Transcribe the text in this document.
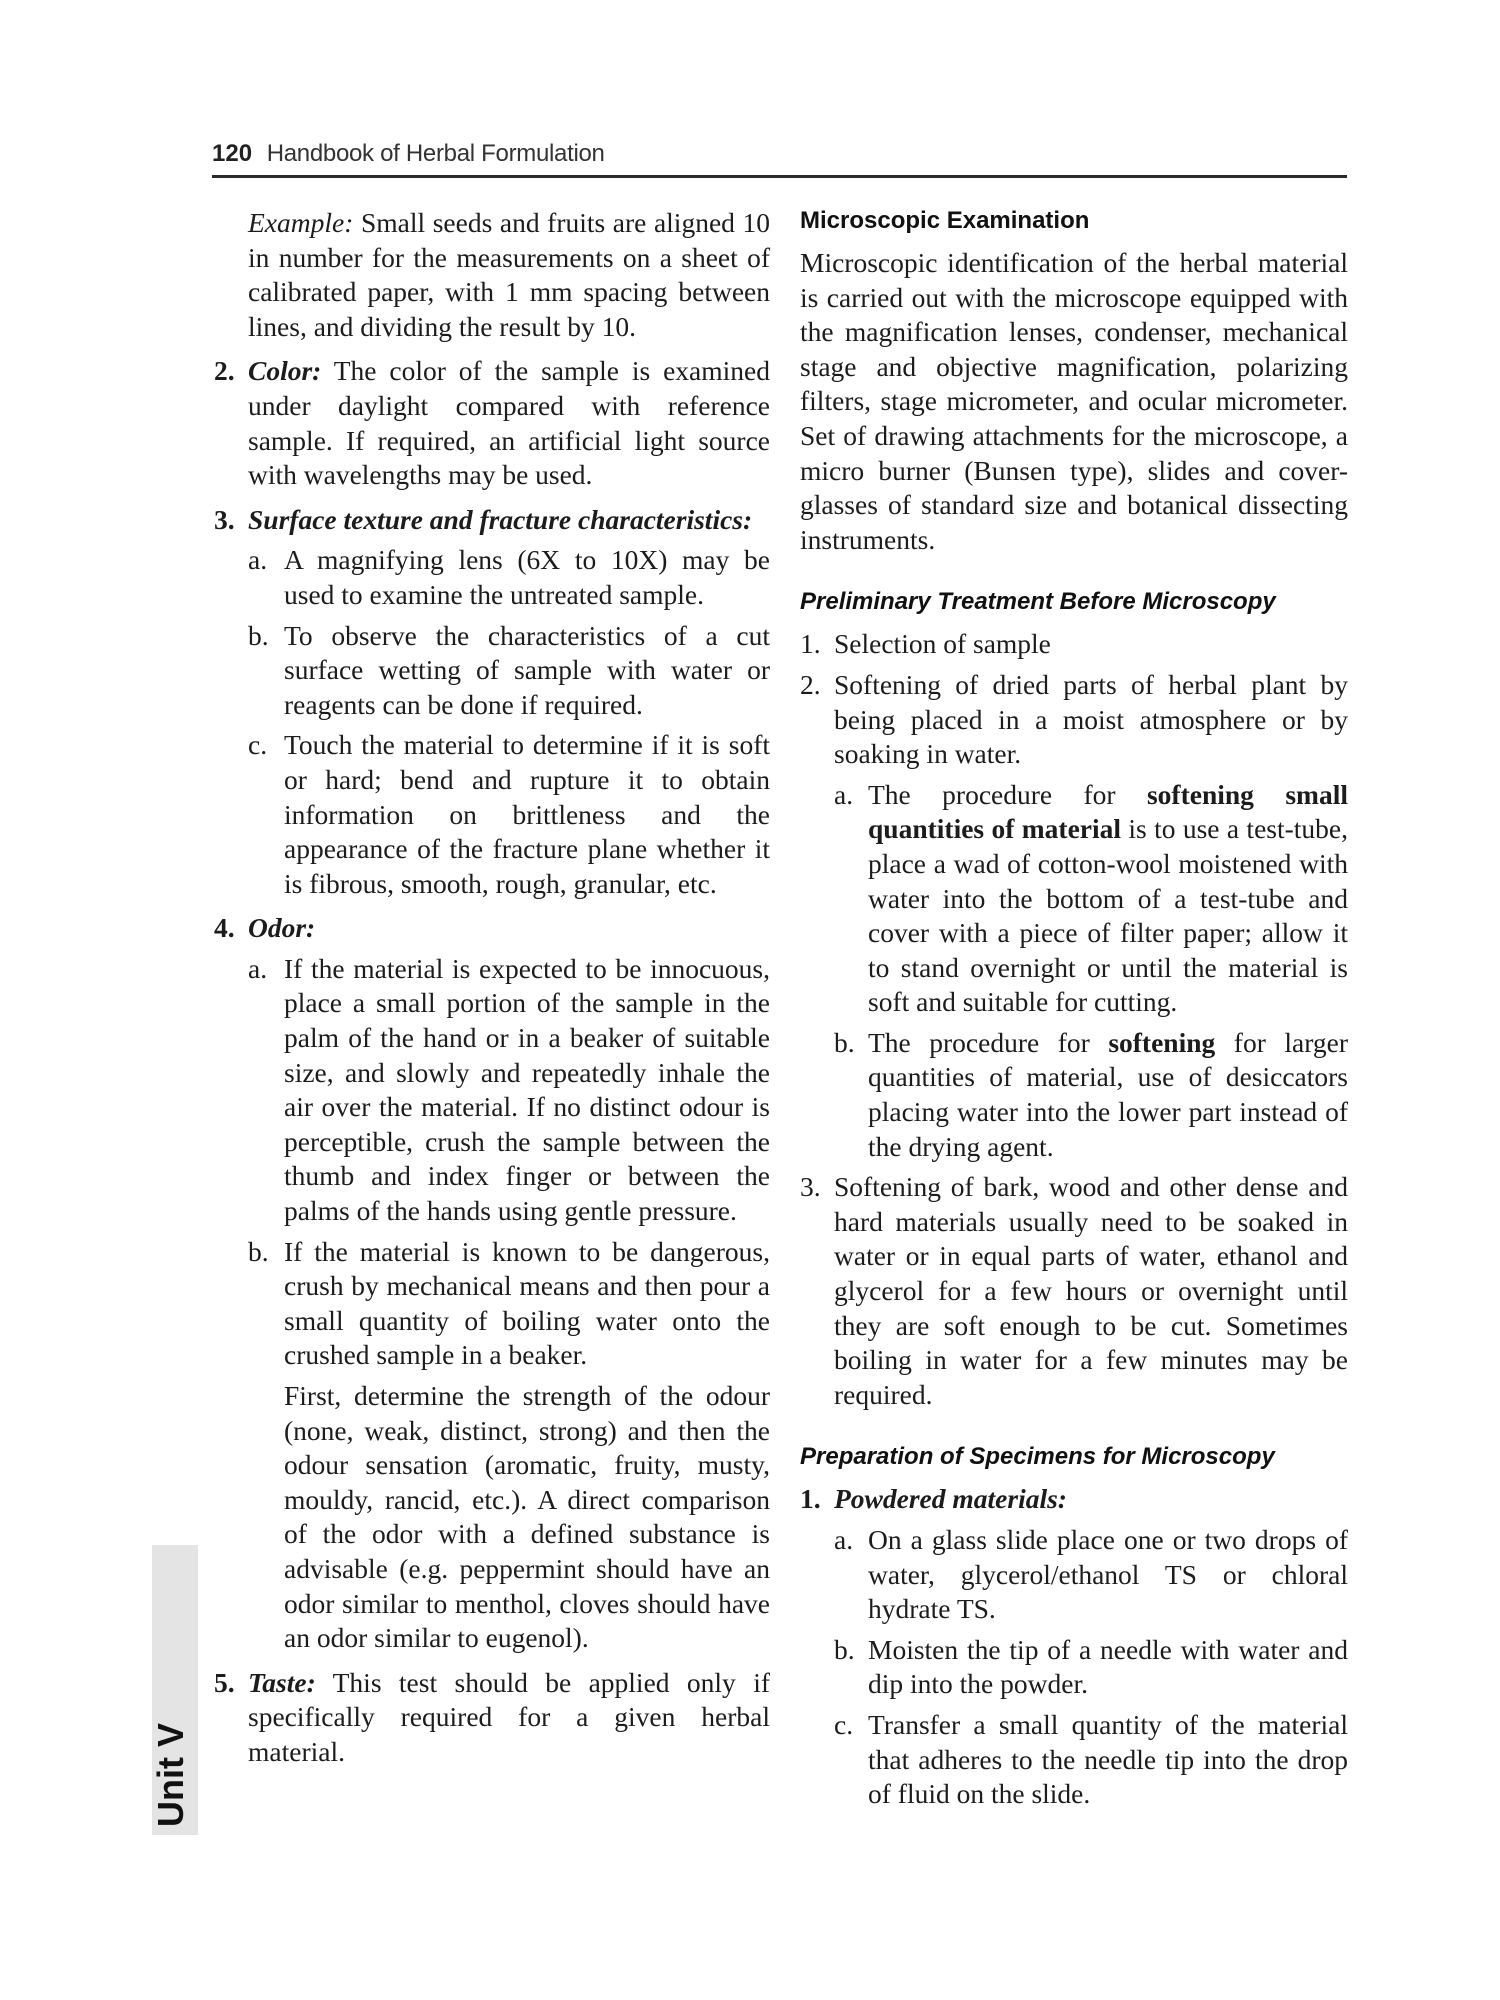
120 Handbook of Herbal Formulation
Unit V

Example: Small seeds and fruits are aligned 10 in number for the measurements on a sheet of calibrated paper, with 1 mm spacing between lines, and dividing the result by 10.

2. Color: The color of the sample is examined under daylight compared with reference sample. If required, an artificial light source with wavelengths may be used.
3. Surface texture and fracture characteristics:
a. A magnifying lens (6X to 10X) may be used to examine the untreated sample.
b. To observe the characteristics of a cut surface wetting of sample with water or reagents can be done if required.
c. Touch the material to determine if it is soft or hard; bend and rupture it to obtain information on brittleness and the appearance of the fracture plane whether it is fibrous, smooth, rough, granular, etc.
4. Odor:
a. If the material is expected to be innocuous, place a small portion of the sample in the palm of the hand or in a beaker of suitable size, and slowly and repeatedly inhale the air over the material. If no distinct odour is perceptible, crush the sample between the thumb and index finger or between the palms of the hands using gentle pressure.
b. If the material is known to be dangerous, crush by mechanical means and then pour a small quantity of boiling water onto the crushed sample in a beaker.

First, determine the strength of the odour (none, weak, distinct, strong) and then the odour sensation (aromatic, fruity, musty, mouldy, rancid, etc.). A direct comparison of the odor with a defined substance is advisable (e.g. peppermint should have an odor similar to menthol, cloves should have an odor similar to eugenol).

5. Taste: This test should be applied only if specifically required for a given herbal material.
Microscopic Examination

Microscopic identification of the herbal material is carried out with the microscope equipped with the magnification lenses, condenser, mechanical stage and objective magnification, polarizing filters, stage micrometer, and ocular micrometer. Set of drawing attachments for the microscope, a micro burner (Bunsen type), slides and cover-glasses of standard size and botanical dissecting instruments.

Preliminary Treatment Before Microscopy
1. Selection of sample
2. Softening of dried parts of herbal plant by being placed in a moist atmosphere or by soaking in water.
a. The procedure for softening small quantities of material is to use a test-tube, place a wad of cotton-wool moistened with water into the bottom of a test-tube and cover with a piece of filter paper; allow it to stand overnight or until the material is soft and suitable for cutting.
b. The procedure for softening for larger quantities of material, use of desiccators placing water into the lower part instead of the drying agent.
3. Softening of bark, wood and other dense and hard materials usually need to be soaked in water or in equal parts of water, ethanol and glycerol for a few hours or overnight until they are soft enough to be cut. Sometimes boiling in water for a few minutes may be required.
Preparation of Specimens for Microscopy
1. Powdered materials:
a. On a glass slide place one or two drops of water, glycerol/ethanol TS or chloral hydrate TS.
b. Moisten the tip of a needle with water and dip into the powder.
c. Transfer a small quantity of the material that adheres to the needle tip into the drop of fluid on the slide.
